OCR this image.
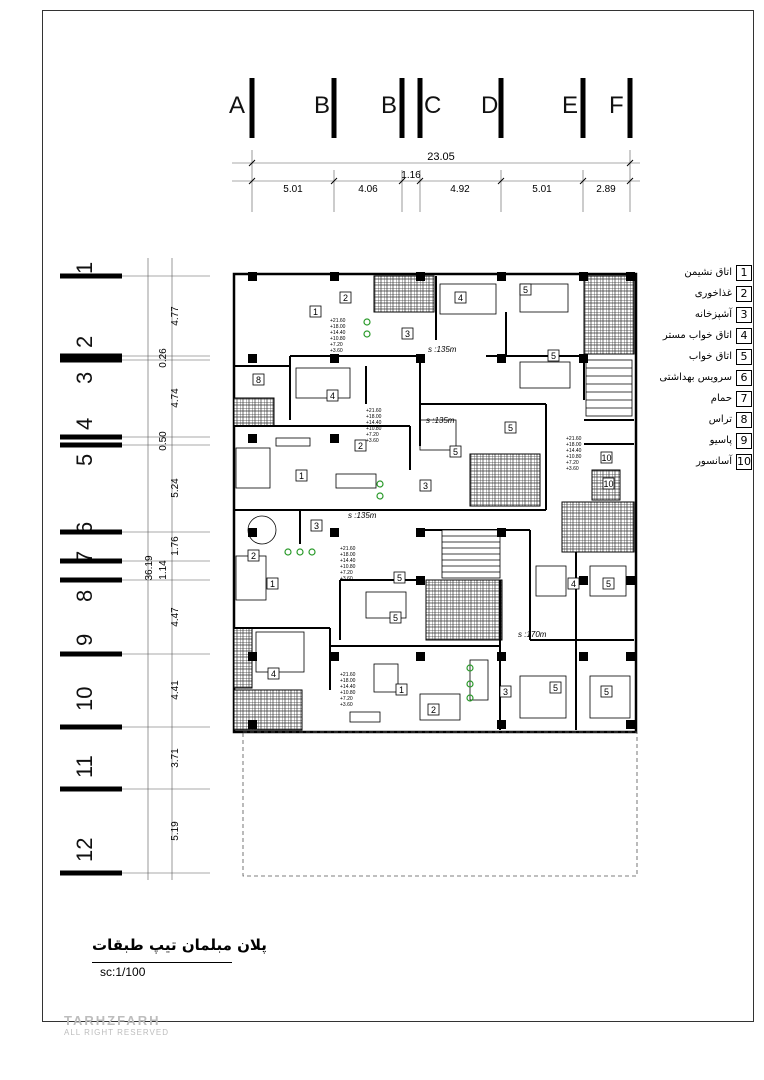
A	B B C D	E F
1
2
3
4
5
6
7
8
9
10
11
12
23.05
5.01	4.06
1.16
4.92	5.01	2.89
36.19
4.77
0.26
4.74
0.50
5.24
1.76
1.14
4.47
4.41
3.71
5.19
2
1
3
4
5
5
4
2
1
3
5
5
3
2
1
5
5
4	5
4
1	3
2
5	5
8
10
10
s :135m
s :135m
s :135m
s :170m
+21.60 +18.00 +14.40 +10.80 +7.20 +3.60
+21.60 +18.00 +14.40 +10.80 +7.20 +3.60	+21.60 +18.00 +14.40 +10.80 +7.20 +3.60
+21.60 +18.00 +14.40 +10.80 +7.20 +3.60
+21.60 +18.00 +14.40 +10.80 +7.20 +3.60
اتاق نشیمن 1
غذاخوری 2
آشپزخانه 3
اتاق خواب مستر 4
اتاق خواب 5
سرویس بهداشتی 6
حمام 7
تراس 8
پاسیو 9
آسانسور 10
پلان مبلمان تیپ طبقات
sc:1/100
TARHZFARH
ALL RIGHT RESERVED
